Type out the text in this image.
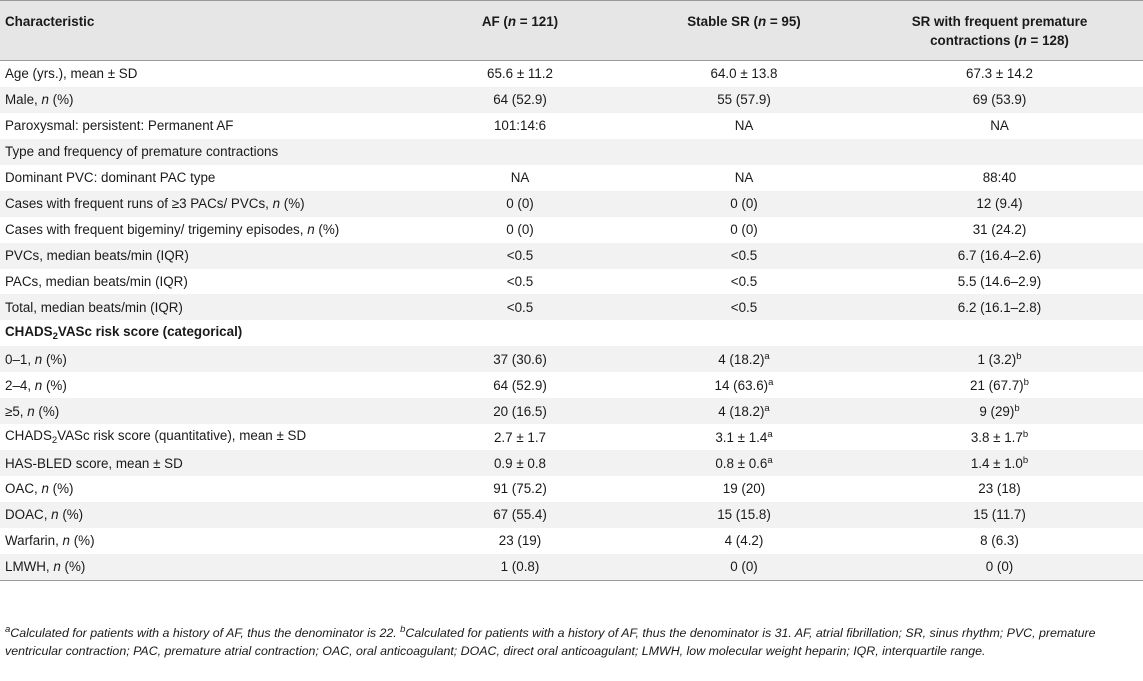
Characteristic	AF (n = 121)	Stable SR (n = 95)	SR with frequent premature
contractions (n = 128)
Age (yrs.), mean ± SD	65.6 ± 11.2	64.0 ± 13.8	67.3 ± 14.2
Male, n (%)	64 (52.9)	55 (57.9)	69 (53.9)
Paroxysmal: persistent: Permanent AF	101:14:6	NA	NA
Type and frequency of premature contractions			
Dominant PVC: dominant PAC type	NA	NA	88:40
Cases with frequent runs of ≥3 PACs/ PVCs, n (%)	0 (0)	0 (0)	12 (9.4)
Cases with frequent bigeminy/ trigeminy episodes, n (%)	0 (0)	0 (0)	31 (24.2)
PVCs, median beats/min (IQR)	<0.5	<0.5	6.7 (16.4–2.6)
PACs, median beats/min (IQR)	<0.5	<0.5	5.5 (14.6–2.9)
Total, median beats/min (IQR)	<0.5	<0.5	6.2 (16.1–2.8)
$CHADS_2VASc$ risk score (categorical)			
0–1, n (%)	37 (30.6)	4 $(18.2)^a$	1 $(3.2)^b$
2–4, n (%)	64 (52.9)	14 $(63.6)^a$	21 $(67.7)^b$
≥5, n (%)	20 (16.5)	4 $(18.2)^a$	9 $(29)^b$
$CHADS_2VASc$ risk score (quantitative), mean ± SD	2.7 ± 1.7	3.1 ± 1.4$^a$	3.8 ± 1.7$^b$
HAS-BLED score, mean ± SD	0.9 ± 0.8	0.8 ± 0.6$^a$	1.4 ± 1.0$^b$
OAC, n (%)	91 (75.2)	19 (20)	23 (18)
DOAC, n (%)	67 (55.4)	15 (15.8)	15 (11.7)
Warfarin, n (%)	23 (19)	4 (4.2)	8 (6.3)
LMWH, n (%)	1 (0.8)	0 (0)	0 (0)
$^a$Calculated for patients with a history of AF, thus the denominator is 22. $^b$Calculated for patients with a history of AF, thus the denominator is 31. AF, atrial fibrillation; SR, sinus rhythm; PVC, premature ventricular contraction; PAC, premature atrial contraction; OAC, oral anticoagulant; DOAC, direct oral anticoagulant; LMWH, low molecular weight heparin; IQR, interquartile range.
